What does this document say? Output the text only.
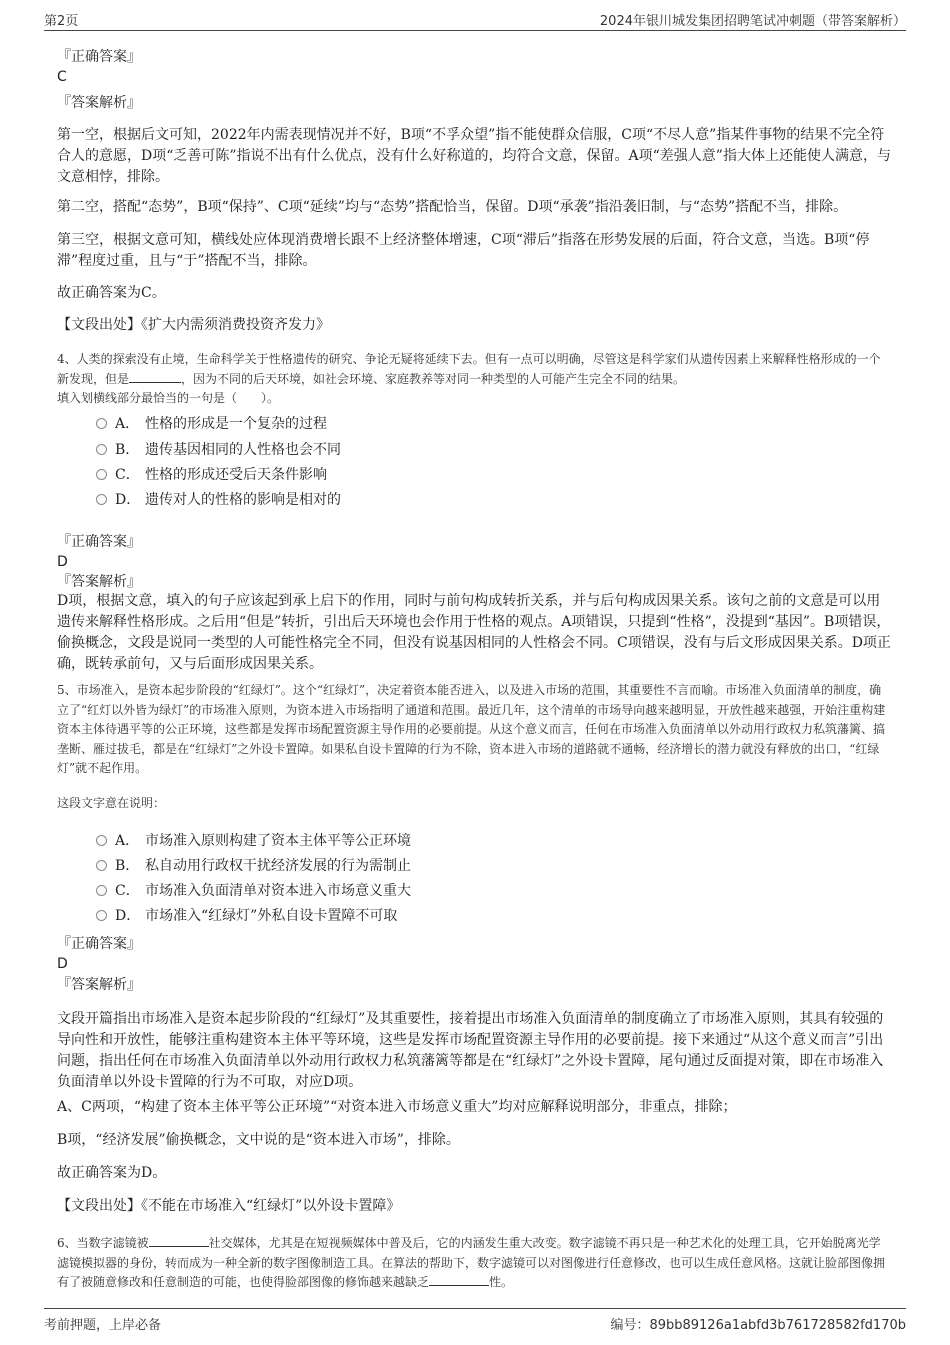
第2页	2024年银川城发集团招聘笔试冲刺题（带答案解析）
『正确答案』
C
『答案解析』
第一空，根据后文可知，2022年内需表现情况并不好，B项“不孚众望”指不能使群众信服，C项“不尽人意”指某件事物的结果不完全符合人的意愿，D项“乏善可陈”指说不出有什么优点，没有什么好称道的，均符合文意，保留。A项“差强人意”指大体上还能使人满意，与文意相悖，排除。
第二空，搭配“态势”，B项“保持”、C项“延续”均与“态势”搭配恰当，保留。D项“承袭”指沿袭旧制，与“态势”搭配不当，排除。
第三空，根据文意可知，横线处应体现消费增长跟不上经济整体增速，C项“滞后”指落在形势发展的后面，符合文意，当选。B项“停滞”程度过重，且与“于”搭配不当，排除。
故正确答案为C。
【文段出处】《扩大内需须消费投资齐发力》
4、人类的探索没有止境，生命科学关于性格遗传的研究、争论无疑将延续下去。但有一点可以明确，尽管这是科学家们从遗传因素上来解释性格形成的一个新发现，但是	，因为不同的后天环境，如社会环境、家庭教养等对同一种类型的人可能产生完全不同的结果。
填入划横线部分最恰当的一句是（　　）。
A． 性格的形成是一个复杂的过程
B． 遗传基因相同的人性格也会不同
C． 性格的形成还受后天条件影响
D． 遗传对人的性格的影响是相对的
『正确答案』
D
『答案解析』
D项，根据文意，填入的句子应该起到承上启下的作用，同时与前句构成转折关系，并与后句构成因果关系。该句之前的文意是可以用遗传来解释性格形成。之后用“但是”转折，引出后天环境也会作用于性格的观点。A项错误，只提到“性格”，没提到“基因”。B项错误，偷换概念，文段是说同一类型的人可能性格完全不同，但没有说基因相同的人性格会不同。C项错误，没有与后文形成因果关系。D项正确，既转承前句，又与后面形成因果关系。
5、市场准入，是资本起步阶段的“红绿灯”。这个“红绿灯”，决定着资本能否进入，以及进入市场的范围，其重要性不言而喻。市场准入负面清单的制度，确立了“红灯以外皆为绿灯”的市场准入原则，为资本进入市场指明了通道和范围。最近几年，这个清单的市场导向越来越明显，开放性越来越强，开始注重构建资本主体待遇平等的公正环境，这些都是发挥市场配置资源主导作用的必要前提。从这个意义而言，任何在市场准入负面清单以外动用行政权力私筑藩篱、搞垄断、雁过拔毛，都是在“红绿灯”之外设卡置障。如果私自设卡置障的行为不除，资本进入市场的道路就不通畅，经济增长的潜力就没有释放的出口，“红绿灯”就不起作用。
这段文字意在说明：
A． 市场准入原则构建了资本主体平等公正环境
B． 私自动用行政权干扰经济发展的行为需制止
C． 市场准入负面清单对资本进入市场意义重大
D． 市场准入“红绿灯”外私自设卡置障不可取
『正确答案』
D
『答案解析』
文段开篇指出市场准入是资本起步阶段的“红绿灯”及其重要性，接着提出市场准入负面清单的制度确立了市场准入原则，其具有较强的导向性和开放性，能够注重构建资本主体平等环境，这些是发挥市场配置资源主导作用的必要前提。接下来通过“从这个意义而言”引出问题，指出任何在市场准入负面清单以外动用行政权力私筑藩篱等都是在“红绿灯”之外设卡置障，尾句通过反面提对策，即在市场准入负面清单以外设卡置障的行为不可取，对应D项。
A、C两项，“构建了资本主体平等公正环境”“对资本进入市场意义重大”均对应解释说明部分，非重点，排除；
B项，“经济发展”偷换概念，文中说的是“资本进入市场”，排除。
故正确答案为D。
【文段出处】《不能在市场准入“红绿灯”以外设卡置障》
6、当数字滤镜被	社交媒体，尤其是在短视频媒体中普及后，它的内涵发生重大改变。数字滤镜不再只是一种艺术化的处理工具，它开始脱离光学滤镜模拟器的身份，转而成为一种全新的数字图像制造工具。在算法的帮助下，数字滤镜可以对图像进行任意修改，也可以生成任意风格。这就让脸部图像拥有了被随意修改和任意制造的可能，也使得脸部图像的修饰越来越缺乏	性。
考前押题，上岸必备	编号：89bb89126a1abfd3b761728582fd170b
